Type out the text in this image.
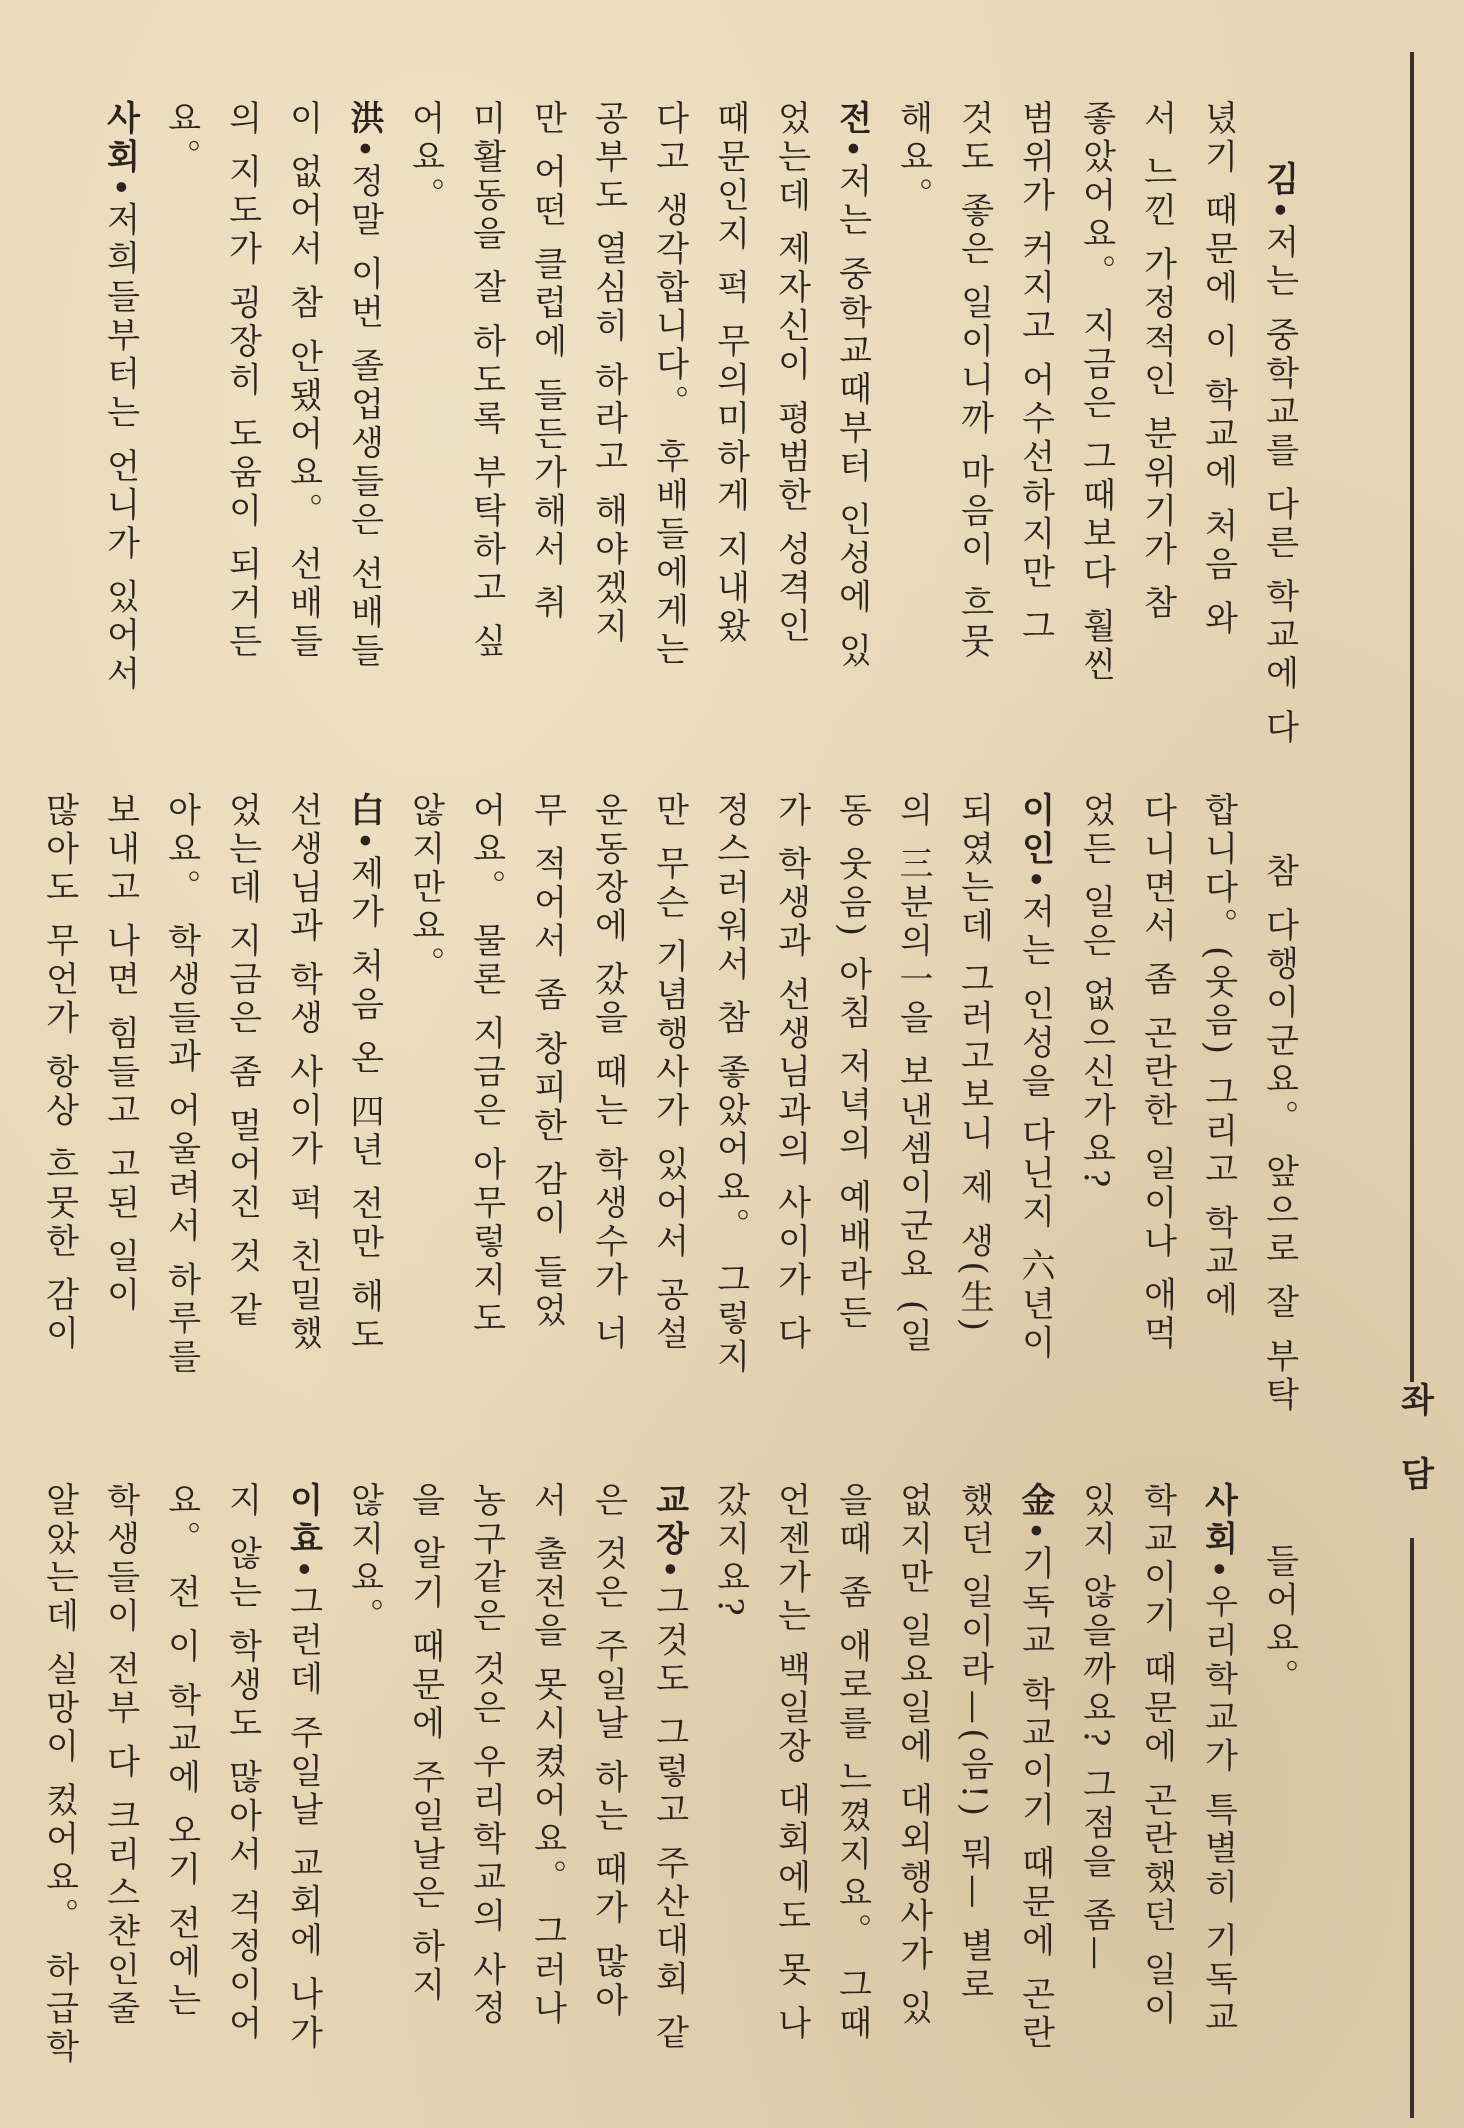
좌담

김•저는 중학교를 다른 학교에 다
녔기 때문에 이 학교에 처음 와
서 느낀 가정적인 분위기가 참
좋았어요。 지금은 그때보다 훨씬
범위가 커지고 어수선하지만 그
것도 좋은 일이니까 마음이 흐뭇
해요。
전•저는 중학교때부터 인성에 있
었는데 제자신이 평범한 성격인
때문인지 퍽 무의미하게 지내왔
다고 생각합니다。 후배들에게는
공부도 열심히 하라고 해야겠지
만 어떤 클럽에 들든가해서 취
미활동을 잘 하도록 부탁하고 싶
어요。
洪•정말 이번 졸업생들은 선배들
이 없어서 참 안됐어요。 선배들
의 지도가 굉장히 도움이 되거든
요。
사회•저희들부터는 언니가 있어서

참 다행이군요。 앞으로 잘 부탁
합니다。(웃음) 그리고 학교에
다니면서 좀 곤란한 일이나 애먹
었든 일은 없으신가요?
이인•저는 인성을 다닌지 六년이
되였는데 그러고보니 제 생(生)
의 三분의一을 보낸셈이군요 (일
동 웃음) 아침 저녁의 예배라든
가 학생과 선생님과의 사이가 다
정스러워서 참 좋았어요。 그렇지
만 무슨 기념행사가 있어서 공설
운동장에 갔을 때는 학생수가 너
무 적어서 좀 창피한 감이 들었
어요。 물론 지금은 아무렇지도
않지만요。
白•제가 처음 온 四년 전만 해도
선생님과 학생 사이가 퍽 친밀했
었는데 지금은 좀 멀어진 것 같
아요。 학생들과 어울려서 하루를
보내고 나면 힘들고 고된 일이
많아도 무언가 항상 흐뭇한 감이

들어요。
사회•우리학교가 특별히 기독교
학교이기 때문에 곤란했던 일이
있지 않을까요? 그점을 좀—
金•기독교 학교이기 때문에 곤란
했던 일이라—(음!) 뭐— 별로
없지만 일요일에 대외행사가 있
을때 좀 애로를 느꼈지요。 그때
언젠가는 백일장 대회에도 못 나
갔지요?
교장•그것도 그렇고 주산대회 같
은 것은 주일날 하는 때가 많아
서 출전을 못시켰어요。 그러나
농구같은 것은 우리학교의 사정
을 알기 때문에 주일날은 하지
않지요。
이효•그런데 주일날 교회에 나가
지 않는 학생도 많아서 걱정이어
요。 전 이 학교에 오기 전에는
학생들이 전부 다 크리스챤인줄
알았는데 실망이 컸어요。 하급학
